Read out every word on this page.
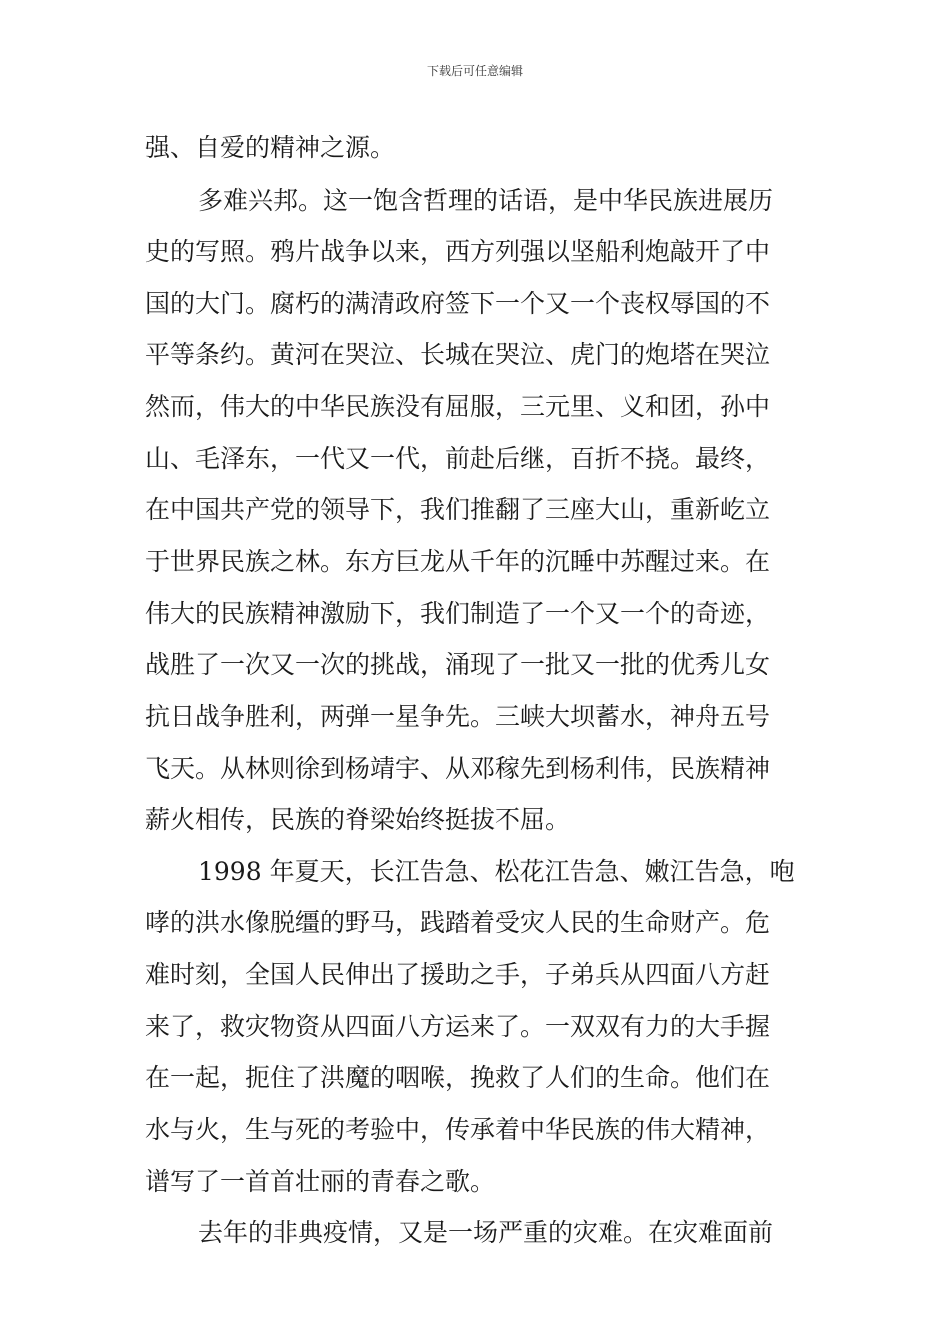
下载后可任意编辑
强、自爱的精神之源。
多难兴邦。这一饱含哲理的话语，是中华民族进展历
史的写照。鸦片战争以来，西方列强以坚船利炮敲开了中
国的大门。腐朽的满清政府签下一个又一个丧权辱国的不
平等条约。黄河在哭泣、长城在哭泣、虎门的炮塔在哭泣
然而，伟大的中华民族没有屈服，三元里、义和团，孙中
山、毛泽东，一代又一代，前赴后继，百折不挠。最终，
在中国共产党的领导下，我们推翻了三座大山，重新屹立
于世界民族之林。东方巨龙从千年的沉睡中苏醒过来。在
伟大的民族精神激励下，我们制造了一个又一个的奇迹，
战胜了一次又一次的挑战，涌现了一批又一批的优秀儿女
抗日战争胜利，两弹一星争先。三峡大坝蓄水，神舟五号
飞天。从林则徐到杨靖宇、从邓稼先到杨利伟，民族精神
薪火相传，民族的脊梁始终挺拔不屈。
1998 年夏天，长江告急、松花江告急、嫩江告急，咆
哮的洪水像脱缰的野马，践踏着受灾人民的生命财产。危
难时刻，全国人民伸出了援助之手，子弟兵从四面八方赶
来了，救灾物资从四面八方运来了。一双双有力的大手握
在一起，扼住了洪魔的咽喉，挽救了人们的生命。他们在
水与火，生与死的考验中，传承着中华民族的伟大精神，
谱写了一首首壮丽的青春之歌。
去年的非典疫情，又是一场严重的灾难。在灾难面前
